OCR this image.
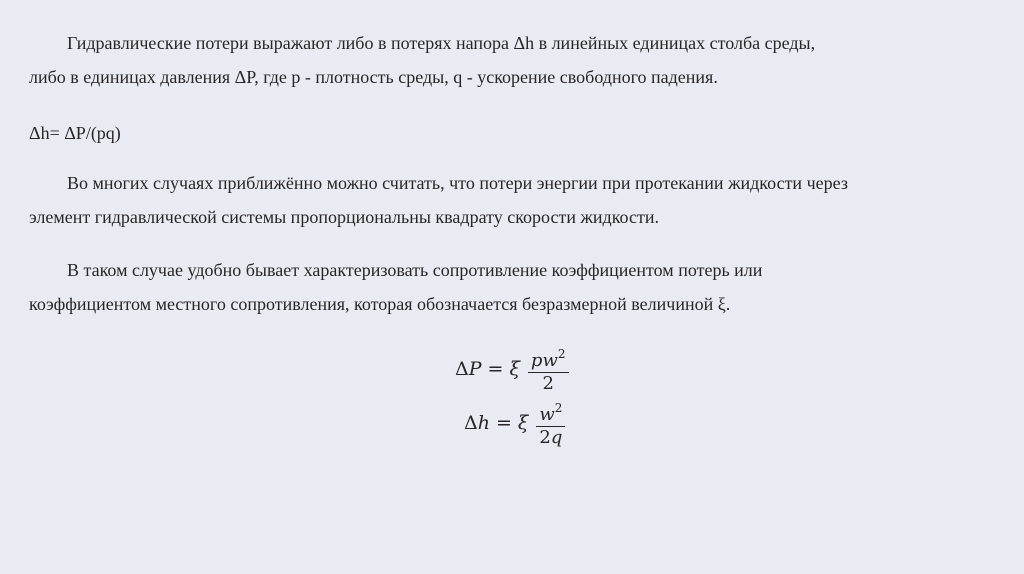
Гидравлические потери выражают либо в потерях напора Δh в линейных единицах столба среды,
либо в единицах давления ΔP, где p - плотность среды, q - ускорение свободного падения.

Δh= ΔP/(pq)

Во многих случаях приближённо можно считать, что потери энергии при протекании жидкости через
элемент гидравлической системы пропорциональны квадрату скорости жидкости.

В таком случае удобно бывает характеризовать сопротивление коэффициентом потерь или
коэффициентом местного сопротивления, которая обозначается безразмерной величиной ξ.

ΔP = ξ $\frac{pw^2}{2}$
Δh = ξ $\frac{w^2}{2q}$
